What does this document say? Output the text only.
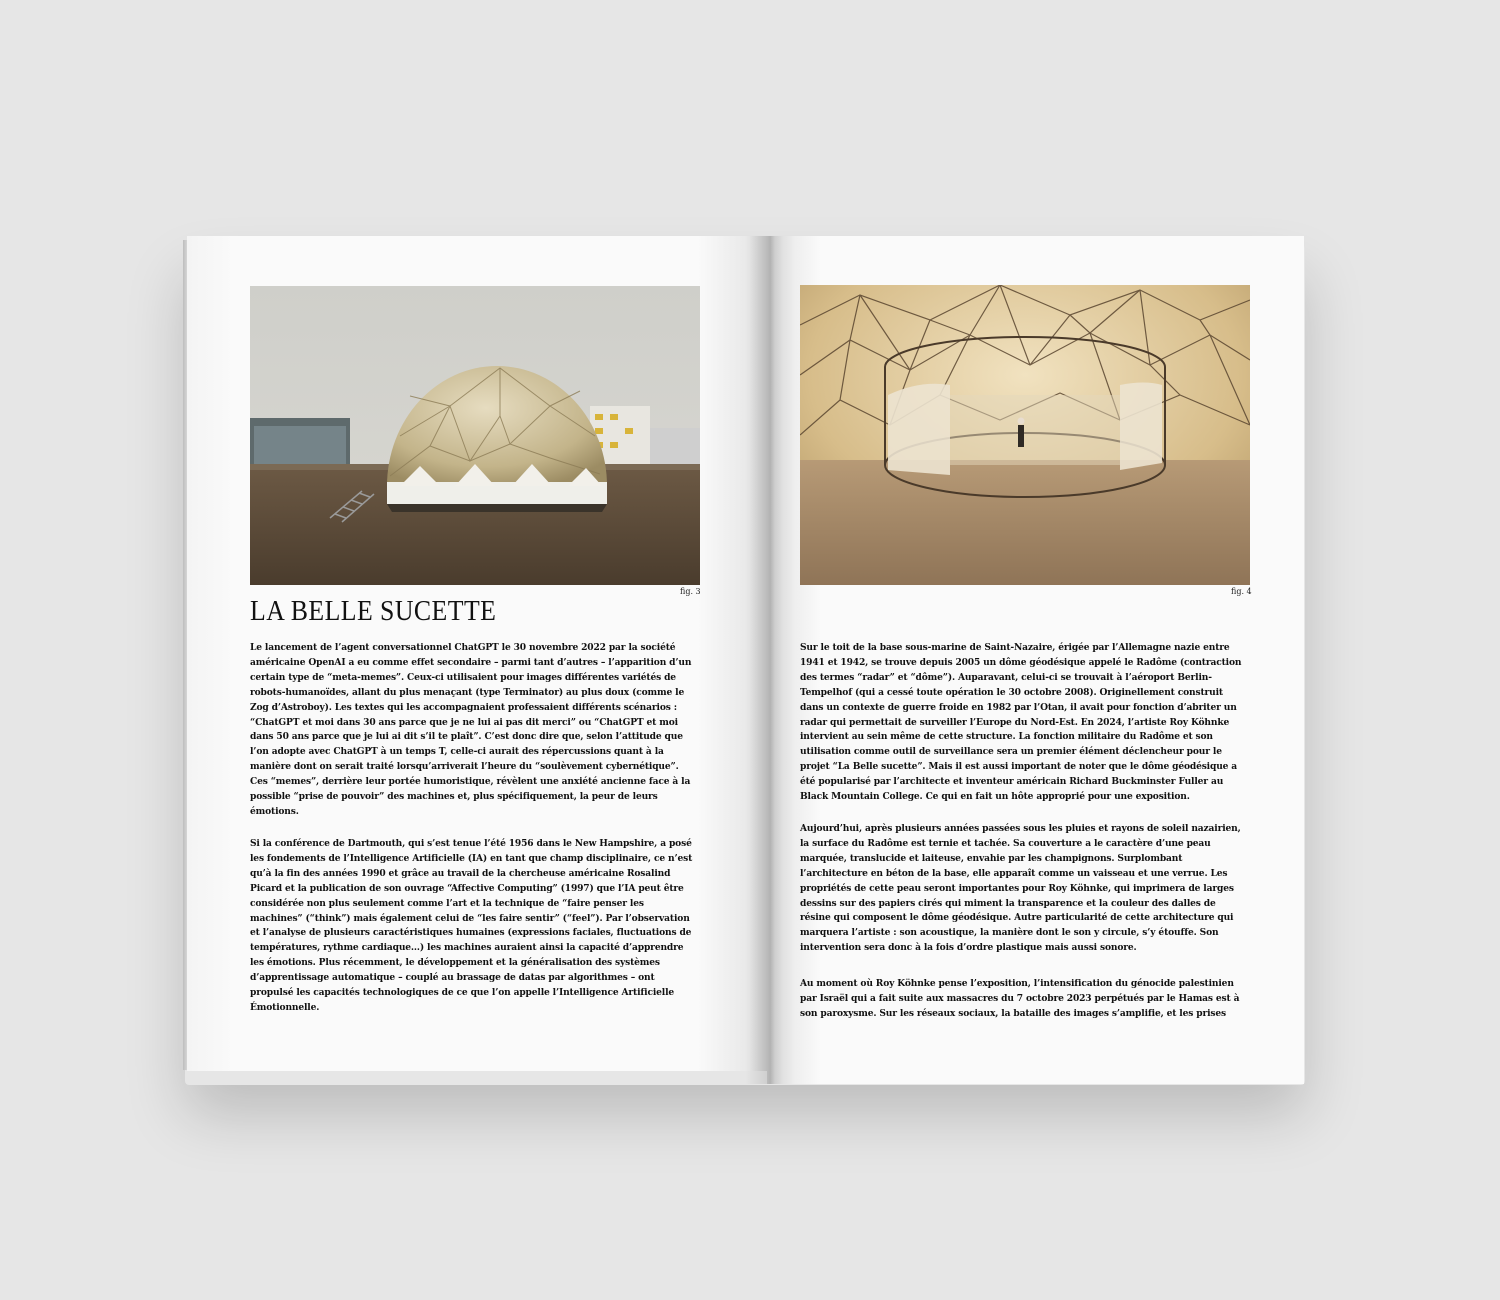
fig. 3
LA BELLE SUCETTE

Le lancement de l’agent conversationnel ChatGPT le 30 novembre 2022 par la société américaine OpenAI a eu comme effet secondaire – parmi tant d’autres – l’apparition d’un certain type de “meta-memes”. Ceux-ci utilisaient pour images différentes variétés de robots-humanoïdes, allant du plus menaçant (type Terminator) au plus doux (comme le Zog d’Astroboy). Les textes qui les accompagnaient professaient différents scénarios : “ChatGPT et moi dans 30 ans parce que je ne lui ai pas dit merci” ou “ChatGPT et moi dans 50 ans parce que je lui ai dit s’il te plaît”. C’est donc dire que, selon l’attitude que l’on adopte avec ChatGPT à un temps T, celle-ci aurait des répercussions quant à la manière dont on serait traité lorsqu’arriverait l’heure du “soulèvement cybernétique”. Ces “memes”, derrière leur portée humoristique, révèlent une anxiété ancienne face à la possible “prise de pouvoir” des machines et, plus spécifiquement, la peur de leurs émotions.

Si la conférence de Dartmouth, qui s’est tenue l’été 1956 dans le New Hampshire, a posé les fondements de l’Intelligence Artificielle (IA) en tant que champ disciplinaire, ce n’est qu’à la fin des années 1990 et grâce au travail de la chercheuse américaine Rosalind Picard et la publication de son ouvrage “Affective Computing” (1997) que l’IA peut être considérée non plus seulement comme l’art et la technique de “faire penser les machines” (“think”) mais également celui de “les faire sentir” (“feel”). Par l’observation et l’analyse de plusieurs caractéristiques humaines (expressions faciales, fluctuations de températures, rythme cardiaque…) les machines auraient ainsi la capacité d’apprendre les émotions. Plus récemment, le développement et la généralisation des systèmes d’apprentissage automatique – couplé au brassage de datas par algorithmes – ont propulsé les capacités technologiques de ce que l’on appelle l’Intelligence Artificielle Émotionnelle.

fig. 4

Sur le toit de la base sous-marine de Saint-Nazaire, érigée par l’Allemagne nazie entre 1941 et 1942, se trouve depuis 2005 un dôme géodésique appelé le Radôme (contraction des termes “radar” et “dôme”). Auparavant, celui-ci se trouvait à l’aéroport Berlin-Tempelhof (qui a cessé toute opération le 30 octobre 2008). Originellement construit dans un contexte de guerre froide en 1982 par l’Otan, il avait pour fonction d’abriter un radar qui permettait de surveiller l’Europe du Nord-Est. En 2024, l’artiste Roy Köhnke intervient au sein même de cette structure. La fonction militaire du Radôme et son utilisation comme outil de surveillance sera un premier élément déclencheur pour le projet “La Belle sucette”. Mais il est aussi important de noter que le dôme géodésique a été popularisé par l’architecte et inventeur américain Richard Buckminster Fuller au Black Mountain College. Ce qui en fait un hôte approprié pour une exposition.

Aujourd’hui, après plusieurs années passées sous les pluies et rayons de soleil nazairien, la surface du Radôme est ternie et tachée. Sa couverture a le caractère d’une peau marquée, translucide et laiteuse, envahie par les champignons. Surplombant l’architecture en béton de la base, elle apparaît comme un vaisseau et une verrue. Les propriétés de cette peau seront importantes pour Roy Köhnke, qui imprimera de larges dessins sur des papiers cirés qui miment la transparence et la couleur des dalles de résine qui composent le dôme géodésique. Autre particularité de cette architecture qui marquera l’artiste : son acoustique, la manière dont le son y circule, s’y étouffe. Son intervention sera donc à la fois d’ordre plastique mais aussi sonore.

Au moment où Roy Köhnke pense l’exposition, l’intensification du génocide palestinien par Israël qui a fait suite aux massacres du 7 octobre 2023 perpétués par le Hamas est à son paroxysme. Sur les réseaux sociaux, la bataille des images s’amplifie, et les prises
